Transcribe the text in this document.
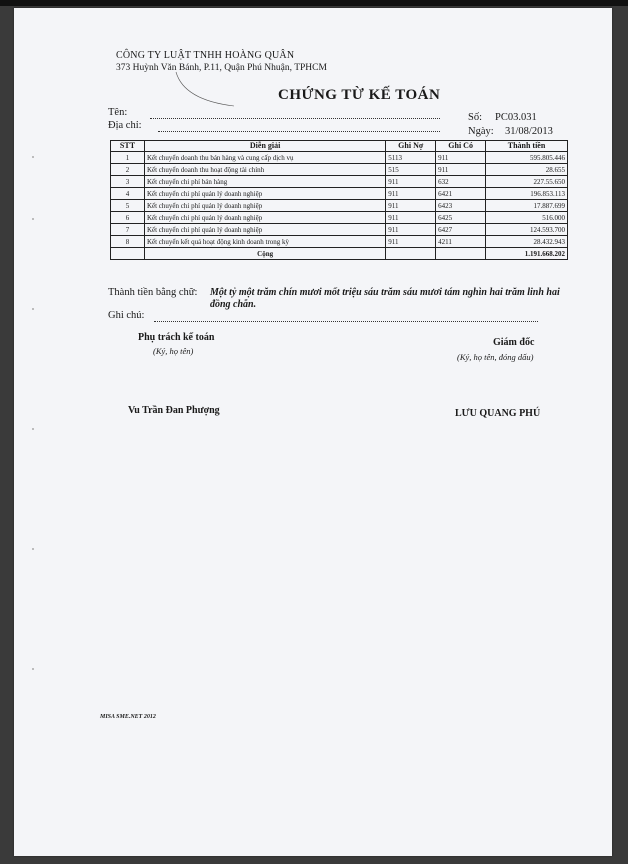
CÔNG TY LUẬT TNHH HOÀNG QUÂN
373 Huỳnh Văn Bánh, P.11, Quận Phú Nhuận, TPHCM
CHỨNG TỪ KẾ TOÁN
Tên:
Địa chỉ:
Số: PC03.031
Ngày: 31/08/2013
STT	Diễn giải	Ghi Nợ	Ghi Có	Thành tiền
1	Kết chuyển doanh thu bán hàng và cung cấp dịch vụ	5113	911	595.805.446
2	Kết chuyển doanh thu hoạt động tài chính	515	911	28.655
3	Kết chuyển chi phí bán hàng	911	632	227.55.650
4	Kết chuyển chi phí quản lý doanh nghiệp	911	6421	196.853.113
5	Kết chuyển chi phí quản lý doanh nghiệp	911	6423	17.887.699
6	Kết chuyển chi phí quản lý doanh nghiệp	911	6425	516.000
7	Kết chuyển chi phí quản lý doanh nghiệp	911	6427	124.593.700
8	Kết chuyển kết quả hoạt động kinh doanh trong kỳ	911	4211	28.432.943
	Cộng			1.191.668.202
Thành tiền bằng chữ: Một tỷ một trăm chín mươi mốt triệu sáu trăm sáu mươi tám nghìn hai trăm linh hai đồng chẵn.
Ghi chú:
Phụ trách kế toán
(Ký, họ tên)
Vu Trần Đan Phượng
Giám đốc
(Ký, họ tên, đóng dấu)
LƯU QUANG PHÚ
MISA SME.NET 2012
